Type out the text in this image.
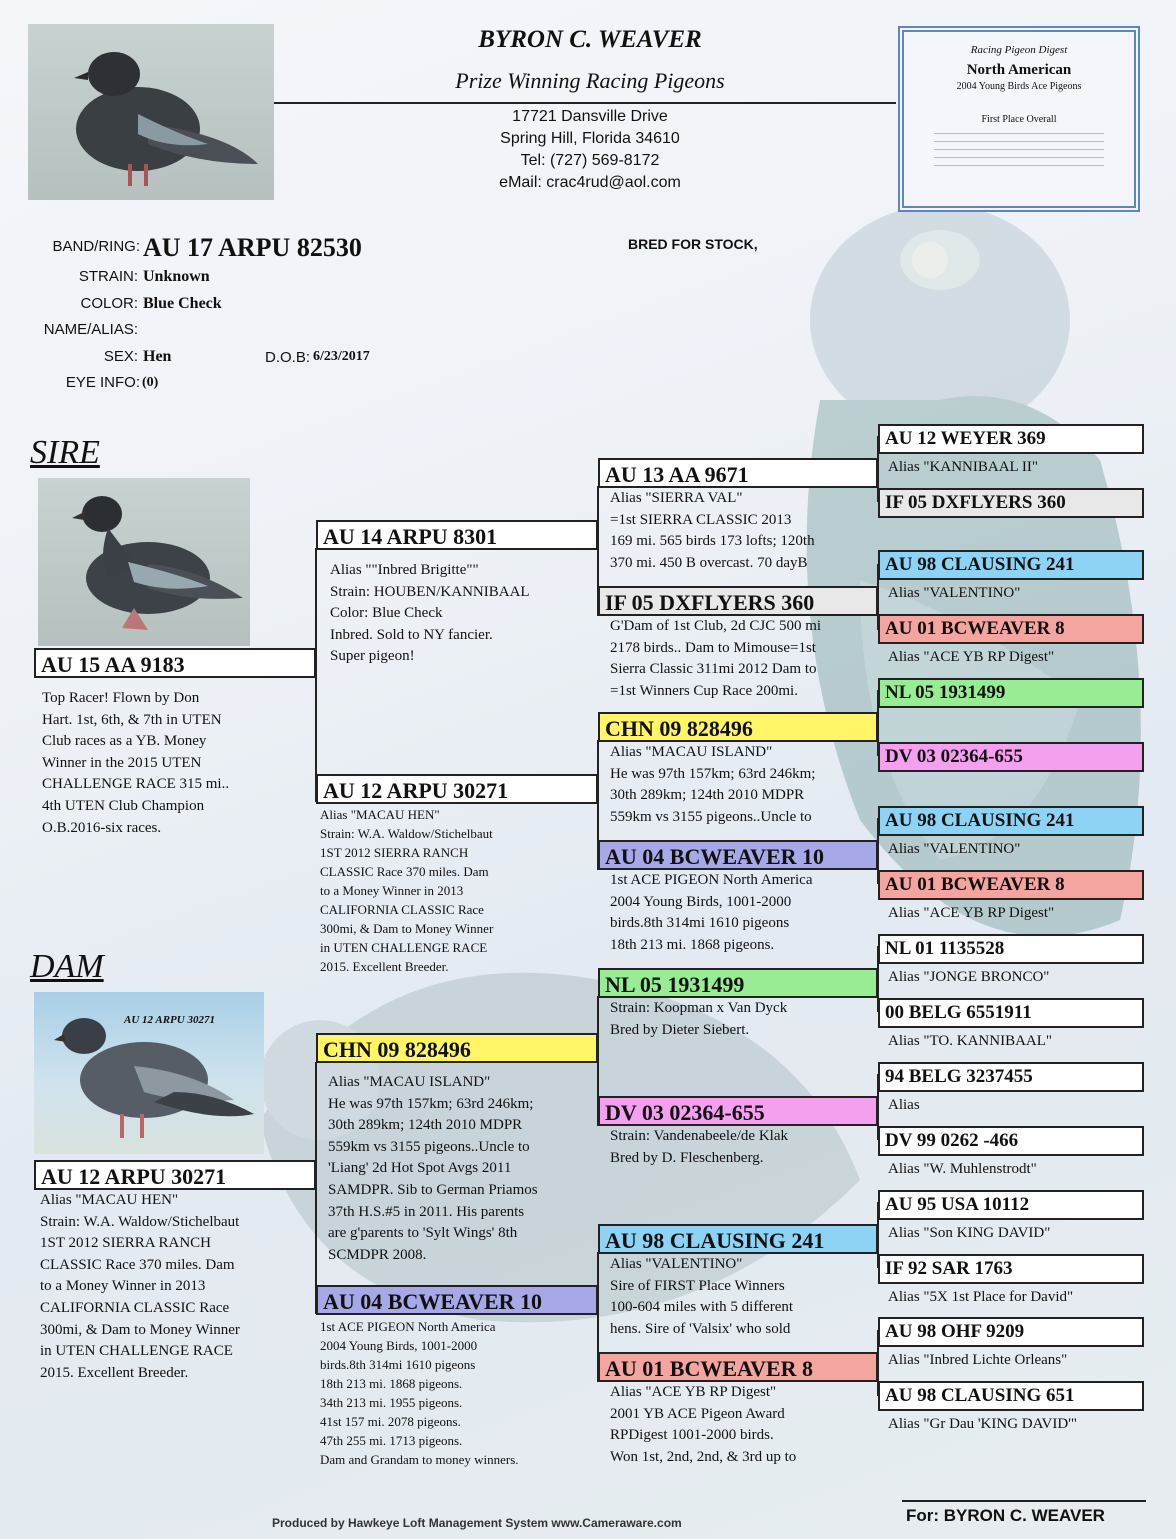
BYRON C. WEAVER
Prize Winning Racing Pigeons
17721 Dansville Drive
Spring Hill, Florida 34610
Tel: (727) 569-8172
eMail: crac4rud@aol.com
Racing Pigeon Digest
North American
2004 Young Birds Ace Pigeons
First Place Overall
BAND/RING: AU 17 ARPU 82530
STRAIN: Unknown
COLOR: Blue Check
NAME/ALIAS:
SEX: Hen	D.O.B: 6/23/2017
EYE INFO: (0)
BRED FOR STOCK,
SIRE
AU 15 AA 9183
Top Racer! Flown by Don
Hart. 1st, 6th, & 7th in UTEN
Club races as a YB. Money
Winner in the 2015 UTEN
CHALLENGE RACE 315 mi..
4th UTEN Club Champion
O.B.2016-six races.
DAM
AU 12 ARPU 30271
AU 12 ARPU 30271
Alias "MACAU HEN"
Strain: W.A. Waldow/Stichelbaut
1ST 2012 SIERRA RANCH
CLASSIC Race 370 miles. Dam
to a Money Winner in 2013
CALIFORNIA CLASSIC Race
300mi, & Dam to Money Winner
in UTEN CHALLENGE RACE
2015. Excellent Breeder.
AU 14 ARPU 8301
Alias ""Inbred Brigitte""
Strain: HOUBEN/KANNIBAAL
Color: Blue Check
Inbred. Sold to NY fancier.
Super pigeon!
AU 12 ARPU 30271
Alias "MACAU HEN"
Strain: W.A. Waldow/Stichelbaut
1ST 2012 SIERRA RANCH
CLASSIC Race 370 miles. Dam
to a Money Winner in 2013
CALIFORNIA CLASSIC Race
300mi, & Dam to Money Winner
in UTEN CHALLENGE RACE
2015. Excellent Breeder.
CHN 09 828496
Alias "MACAU ISLAND"
He was 97th 157km; 63rd 246km;
30th 289km; 124th 2010 MDPR
559km vs 3155 pigeons..Uncle to
'Liang' 2d Hot Spot Avgs 2011
SAMDPR. Sib to German Priamos
37th H.S.#5 in 2011. His parents
are g'parents to 'Sylt Wings' 8th
SCMDPR 2008.
AU 04 BCWEAVER 10
1st ACE PIGEON North America
2004 Young Birds, 1001-2000
birds.8th 314mi 1610 pigeons
18th 213 mi. 1868 pigeons.
34th 213 mi. 1955 pigeons.
41st 157 mi. 2078 pigeons.
47th 255 mi. 1713 pigeons.
Dam and Grandam to money winners.
AU 13 AA 9671
Alias "SIERRA VAL"
=1st SIERRA CLASSIC 2013
169 mi. 565 birds 173 lofts; 120th
370 mi. 450 B overcast. 70 dayB
IF 05 DXFLYERS 360
G'Dam of 1st Club, 2d CJC 500 mi
2178 birds.. Dam to Mimouse=1st
Sierra Classic 311mi 2012 Dam to
=1st Winners Cup Race 200mi.
CHN 09 828496
Alias "MACAU ISLAND"
He was 97th 157km; 63rd 246km;
30th 289km; 124th 2010 MDPR
559km vs 3155 pigeons..Uncle to
AU 04 BCWEAVER 10
1st ACE PIGEON North America
2004 Young Birds, 1001-2000
birds.8th 314mi 1610 pigeons
18th 213 mi. 1868 pigeons.
NL 05 1931499
Strain: Koopman x Van Dyck
Bred by Dieter Siebert.
DV 03 02364-655
Strain: Vandenabeele/de Klak
Bred by D. Fleschenberg.
AU 98 CLAUSING 241
Alias "VALENTINO"
Sire of FIRST Place Winners
100-604 miles with 5 different
hens. Sire of 'Valsix' who sold
AU 01 BCWEAVER 8
Alias "ACE YB RP Digest"
2001 YB ACE Pigeon Award
RPDigest 1001-2000 birds.
Won 1st, 2nd, 2nd, & 3rd up to
AU 12 WEYER 369
Alias "KANNIBAAL II"
IF 05 DXFLYERS 360
AU 98 CLAUSING 241
Alias "VALENTINO"
AU 01 BCWEAVER 8
Alias "ACE YB RP Digest"
NL 05 1931499
DV 03 02364-655
AU 98 CLAUSING 241
Alias "VALENTINO"
AU 01 BCWEAVER 8
Alias "ACE YB RP Digest"
NL 01 1135528
Alias "JONGE BRONCO"
00 BELG 6551911
Alias "TO. KANNIBAAL"
94 BELG 3237455
Alias
DV 99 0262 -466
Alias "W. Muhlenstrodt"
AU 95 USA 10112
Alias "Son KING DAVID"
IF 92 SAR 1763
Alias "5X 1st Place for David"
AU 98 OHF 9209
Alias "Inbred Lichte Orleans"
AU 98 CLAUSING 651
Alias "Gr Dau 'KING DAVID'"
Produced by Hawkeye Loft Management System www.Cameraware.com	For: BYRON C. WEAVER
